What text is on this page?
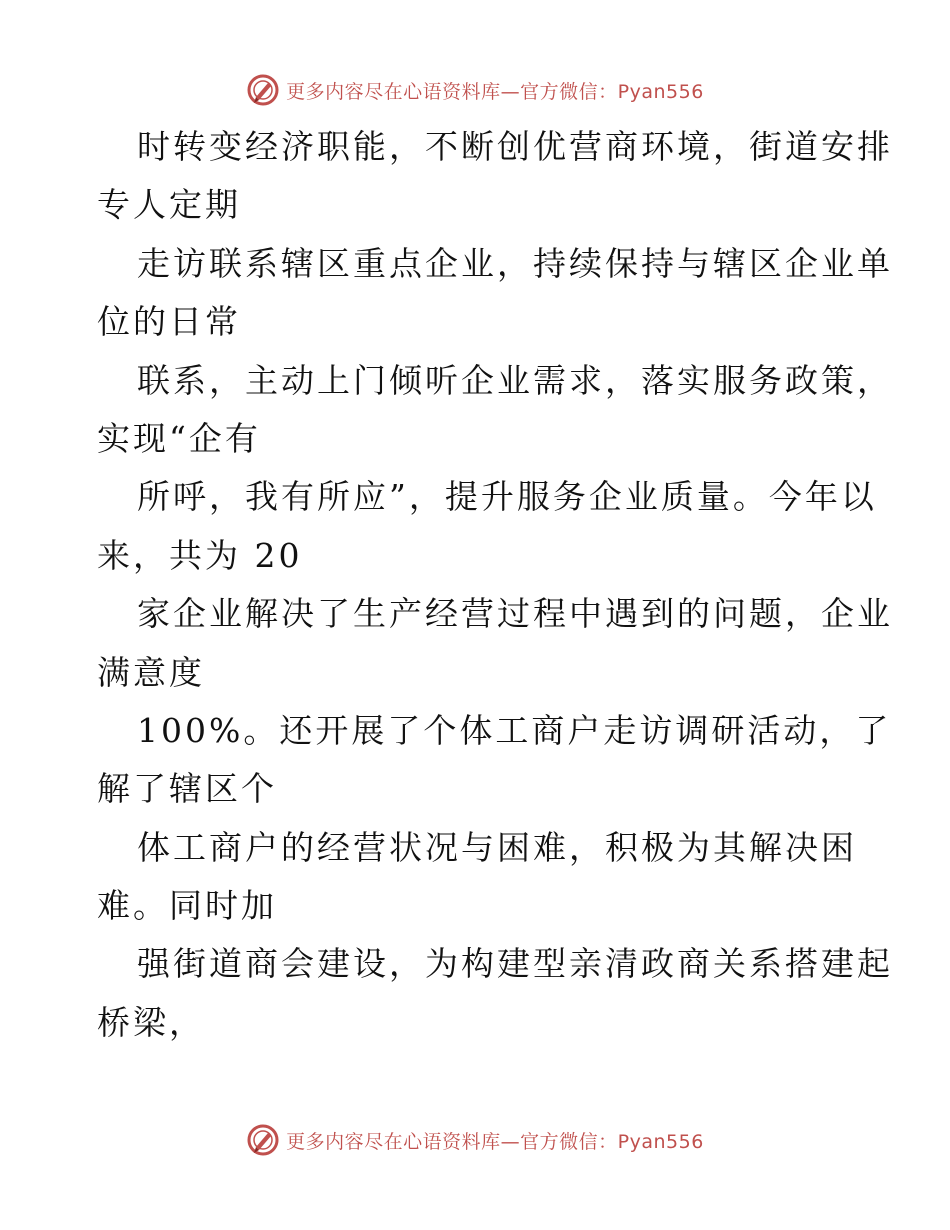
更多内容尽在心语资料库—官方微信：Pyan556
时转变经济职能，不断创优营商环境，街道安排
专人定期
走访联系辖区重点企业，持续保持与辖区企业单
位的日常
联系，主动上门倾听企业需求，落实服务政策，
实现“企有
所呼，我有所应”，提升服务企业质量。今年以
来，共为 20
家企业解决了生产经营过程中遇到的问题，企业
满意度
100%。还开展了个体工商户走访调研活动，了
解了辖区个
体工商户的经营状况与困难，积极为其解决困
难。同时加
强街道商会建设，为构建型亲清政商关系搭建起
桥梁，
更多内容尽在心语资料库—官方微信：Pyan556
